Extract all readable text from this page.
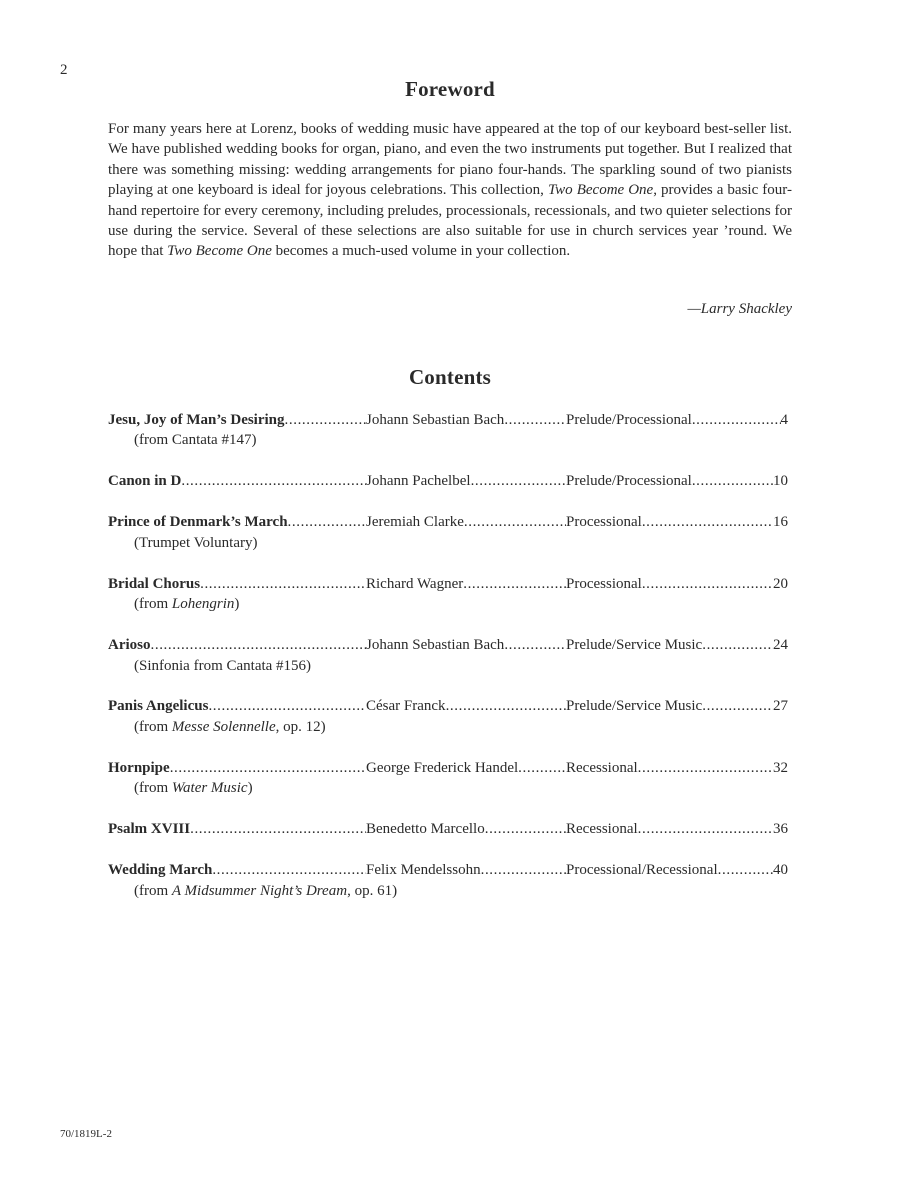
2
Foreword

For many years here at Lorenz, books of wedding music have appeared at the top of our keyboard best-seller list. We have published wedding books for organ, piano, and even the two instruments put together. But I realized that there was something missing: wedding arrangements for piano four-hands. The sparkling sound of two pianists playing at one keyboard is ideal for joyous celebrations. This collection, Two Become One, provides a basic four-hand repertoire for every ceremony, including preludes, processionals, recessionals, and two quieter selections for use during the service. Several of these selections are also suitable for use in church services year ’round. We hope that Two Become One becomes a much-used volume in your collection.

—Larry Shackley
Contents
Jesu, Joy of Man’s Desiring .....	Johann Sebastian Bach .....	Prelude/Processional .....	4
(from Cantata #147)
Canon in D .....	Johann Pachelbel .....	Prelude/Processional .....	10
Prince of Denmark’s March .....	Jeremiah Clarke .....	Processional .....	16
(Trumpet Voluntary)
Bridal Chorus .....	Richard Wagner .....	Processional .....	20
(from Lohengrin)
Arioso .....	Johann Sebastian Bach .....	Prelude/Service Music .....	24
(Sinfonia from Cantata #156)
Panis Angelicus .....	César Franck .....	Prelude/Service Music .....	27
(from Messe Solennelle, op. 12)
Hornpipe .....	George Frederick Handel .....	Recessional .....	32
(from Water Music)
Psalm XVIII .....	Benedetto Marcello .....	Recessional .....	36
Wedding March .....	Felix Mendelssohn .....	Processional/Recessional .....	40
(from A Midsummer Night’s Dream, op. 61)
70/1819L-2
